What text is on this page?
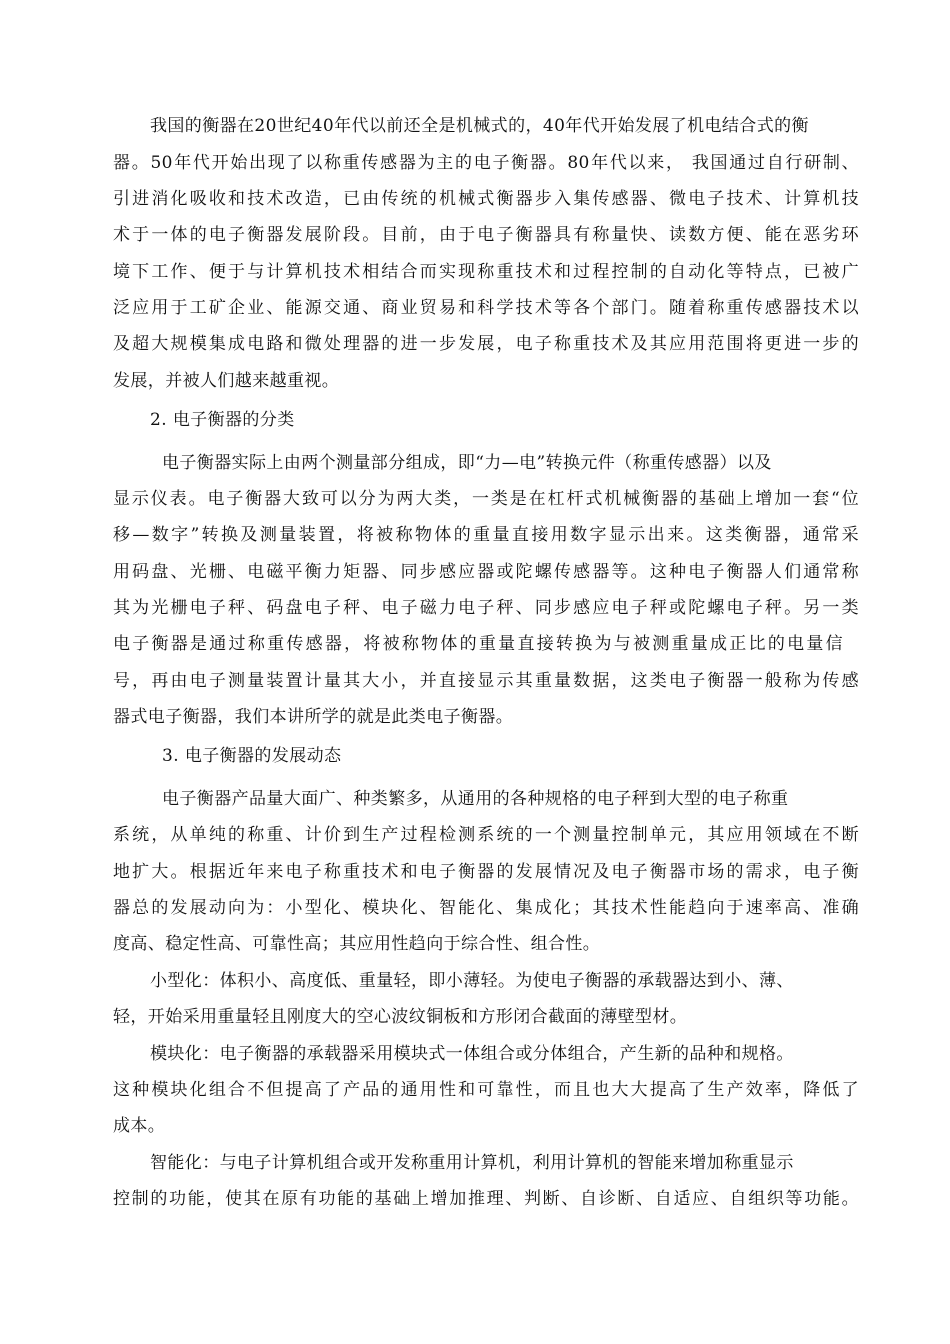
我国的衡器在20世纪40年代以前还全是机械式的，40年代开始发展了机电结合式的衡
器。50年代开始出现了以称重传感器为主的电子衡器。80年代以来， 我国通过自行研制、
引进消化吸收和技术改造，已由传统的机械式衡器步入集传感器、微电子技术、计算机技
术于一体的电子衡器发展阶段。目前，由于电子衡器具有称量快、读数方便、能在恶劣环
境下工作、便于与计算机技术相结合而实现称重技术和过程控制的自动化等特点，已被广
泛应用于工矿企业、能源交通、商业贸易和科学技术等各个部门。随着称重传感器技术以
及超大规模集成电路和微处理器的进一步发展，电子称重技术及其应用范围将更进一步的
发展，并被人们越来越重视。
2. 电子衡器的分类
电子衡器实际上由两个测量部分组成，即“力—电”转换元件（称重传感器）以及
显示仪表。电子衡器大致可以分为两大类，一类是在杠杆式机械衡器的基础上增加一套“位
移—数字”转换及测量装置，将被称物体的重量直接用数字显示出来。这类衡器，通常采
用码盘、光栅、电磁平衡力矩器、同步感应器或陀螺传感器等。这种电子衡器人们通常称
其为光栅电子秤、码盘电子秤、电子磁力电子秤、同步感应电子秤或陀螺电子秤。另一类
电子衡器是通过称重传感器，将被称物体的重量直接转换为与被测重量成正比的电量信
号，再由电子测量装置计量其大小，并直接显示其重量数据，这类电子衡器一般称为传感
器式电子衡器，我们本讲所学的就是此类电子衡器。
3. 电子衡器的发展动态
电子衡器产品量大面广、种类繁多，从通用的各种规格的电子秤到大型的电子称重
系统，从单纯的称重、计价到生产过程检测系统的一个测量控制单元，其应用领域在不断
地扩大。根据近年来电子称重技术和电子衡器的发展情况及电子衡器市场的需求，电子衡
器总的发展动向为：小型化、模块化、智能化、集成化；其技术性能趋向于速率高、准确
度高、稳定性高、可靠性高；其应用性趋向于综合性、组合性。
小型化：体积小、高度低、重量轻，即小薄轻。为使电子衡器的承载器达到小、薄、
轻，开始采用重量轻且刚度大的空心波纹铜板和方形闭合截面的薄壁型材。
模块化：电子衡器的承载器采用模块式一体组合或分体组合，产生新的品种和规格。
这种模块化组合不但提高了产品的通用性和可靠性，而且也大大提高了生产效率，降低了
成本。
智能化：与电子计算机组合或开发称重用计算机，利用计算机的智能来增加称重显示
控制的功能，使其在原有功能的基础上增加推理、判断、自诊断、自适应、自组织等功能。
